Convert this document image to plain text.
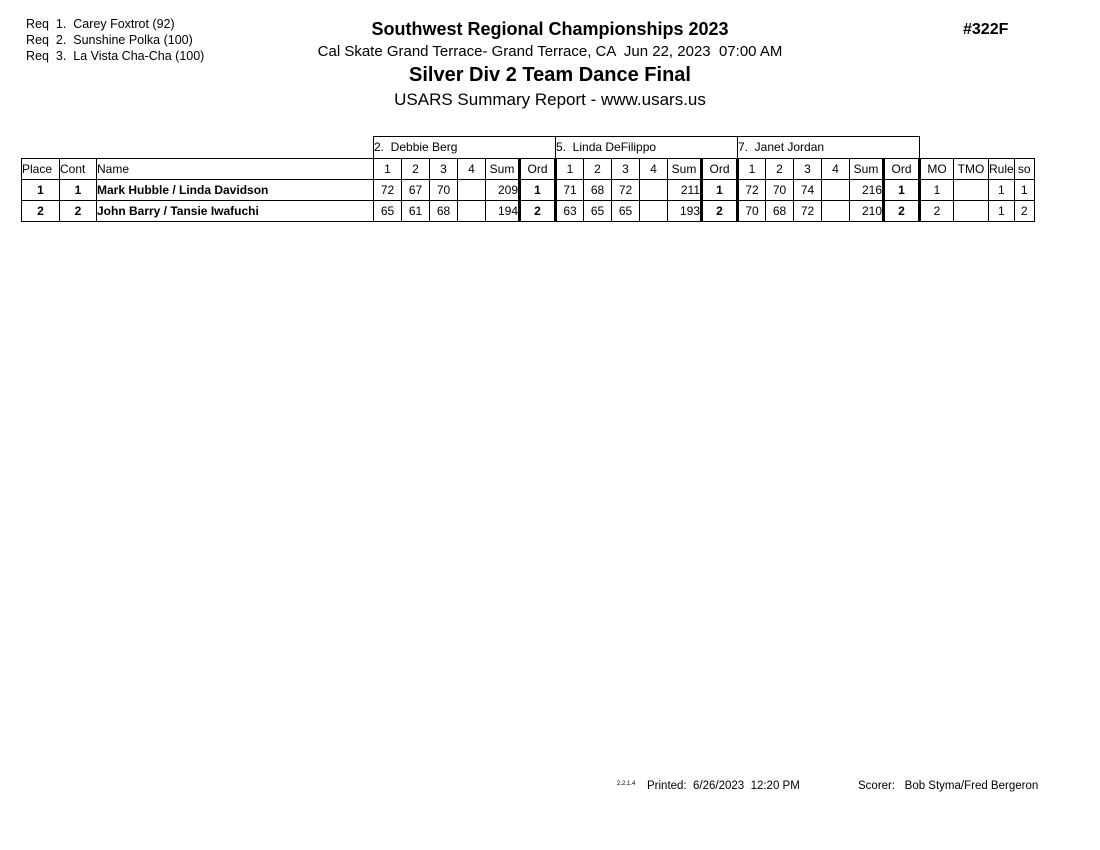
Req  1.  Carey Foxtrot (92)
Req  2.  Sunshine Polka (100)
Req  3.  La Vista Cha-Cha (100)
Southwest Regional Championships 2023
Cal Skate Grand Terrace- Grand Terrace, CA  Jun 22, 2023  07:00 AM
Silver Div 2 Team Dance Final
USARS Summary Report - www.usars.us
#322F
			2.  Debbie Berg						5.  Linda DeFilippo						7.  Janet Jordan									
Place	Cont	Name	1	2	3	4	Sum	Ord	1	2	3	4	Sum	Ord	1	2	3	4	Sum	Ord	MO	TMO	Rule	so
1	1	Mark Hubble / Linda Davidson	72	67	70		209	1	71	68	72		211	1	72	70	74		216	1	1		1	1
2	2	John Barry / Tansie Iwafuchi	65	61	68		194	2	63	65	65		193	2	70	68	72		210	2	2		1	2
2.2.1.4 Printed:  6/26/2023  12:20 PM	Scorer:   Bob Styma/Fred Bergeron
